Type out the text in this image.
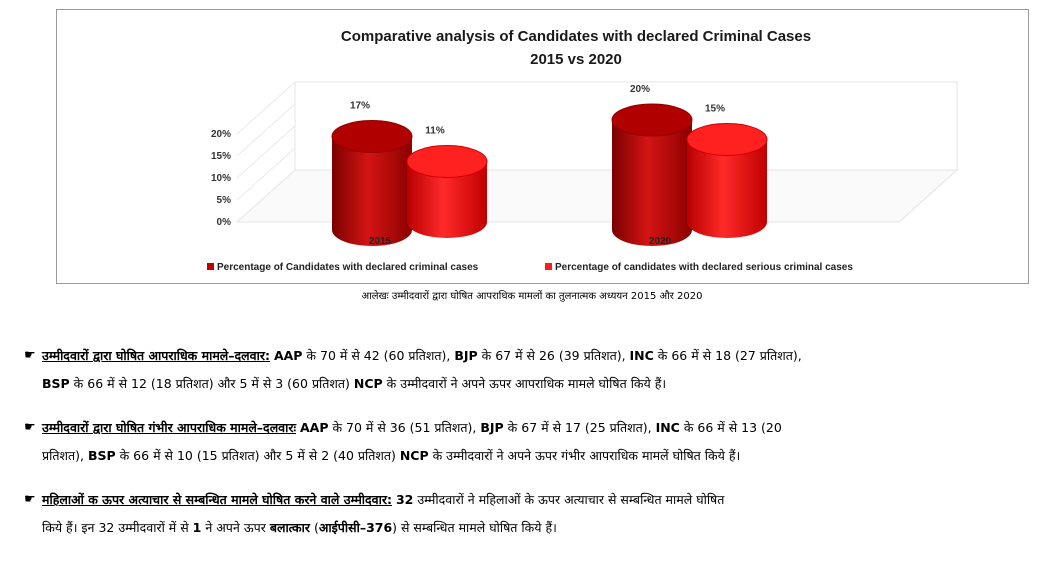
Comparative analysis of Candidates with declared Criminal Cases
2015 vs 2020
0%
5%
10%
15%
20%
17%
20%
11%
15%
2015	2020
Percentage of Candidates with declared criminal cases	Percentage of candidates with declared serious criminal cases
आलेखः उम्मीदवारों द्वारा घोषित आपराधिक मामलों का तुलनात्मक अध्ययन 2015 और 2020
☛ उम्मीदवारों द्वारा घोषित आपराधिक मामले–दलवार: AAP के 70 में से 42 (60 प्रतिशत), BJP के 67 में से 26 (39 प्रतिशत), INC के 66 में से 18 (27 प्रतिशत),
BSP के 66 में से 12 (18 प्रतिशत) और 5 में से 3 (60 प्रतिशत) NCP के उम्मीदवारों ने अपने ऊपर आपराधिक मामले घोषित किये हैं।
☛ उम्मीदवारों द्वारा घोषित गंभीर आपराधिक मामले–दलवारः AAP के 70 में से 36 (51 प्रतिशत), BJP के 67 में से 17 (25 प्रतिशत), INC के 66 में से 13 (20
प्रतिशत), BSP के 66 में से 10 (15 प्रतिशत) और 5 में से 2 (40 प्रतिशत) NCP के उम्मीदवारों ने अपने ऊपर गंभीर आपराधिक मामलें घोषित किये हैं।
☛ महिलाओं क ऊपर अत्याचार से सम्बन्धित मामले घोषित करने वाले उम्मीदवार: 32 उम्मीदवारों ने महिलाओं के ऊपर अत्याचार से सम्बन्धित मामले घोषित
किये हैं। इन 32 उम्मीदवारों में से 1 ने अपने ऊपर बलात्कार (आईपीसी–376) से सम्बन्धित मामले घोषित किये हैं।
